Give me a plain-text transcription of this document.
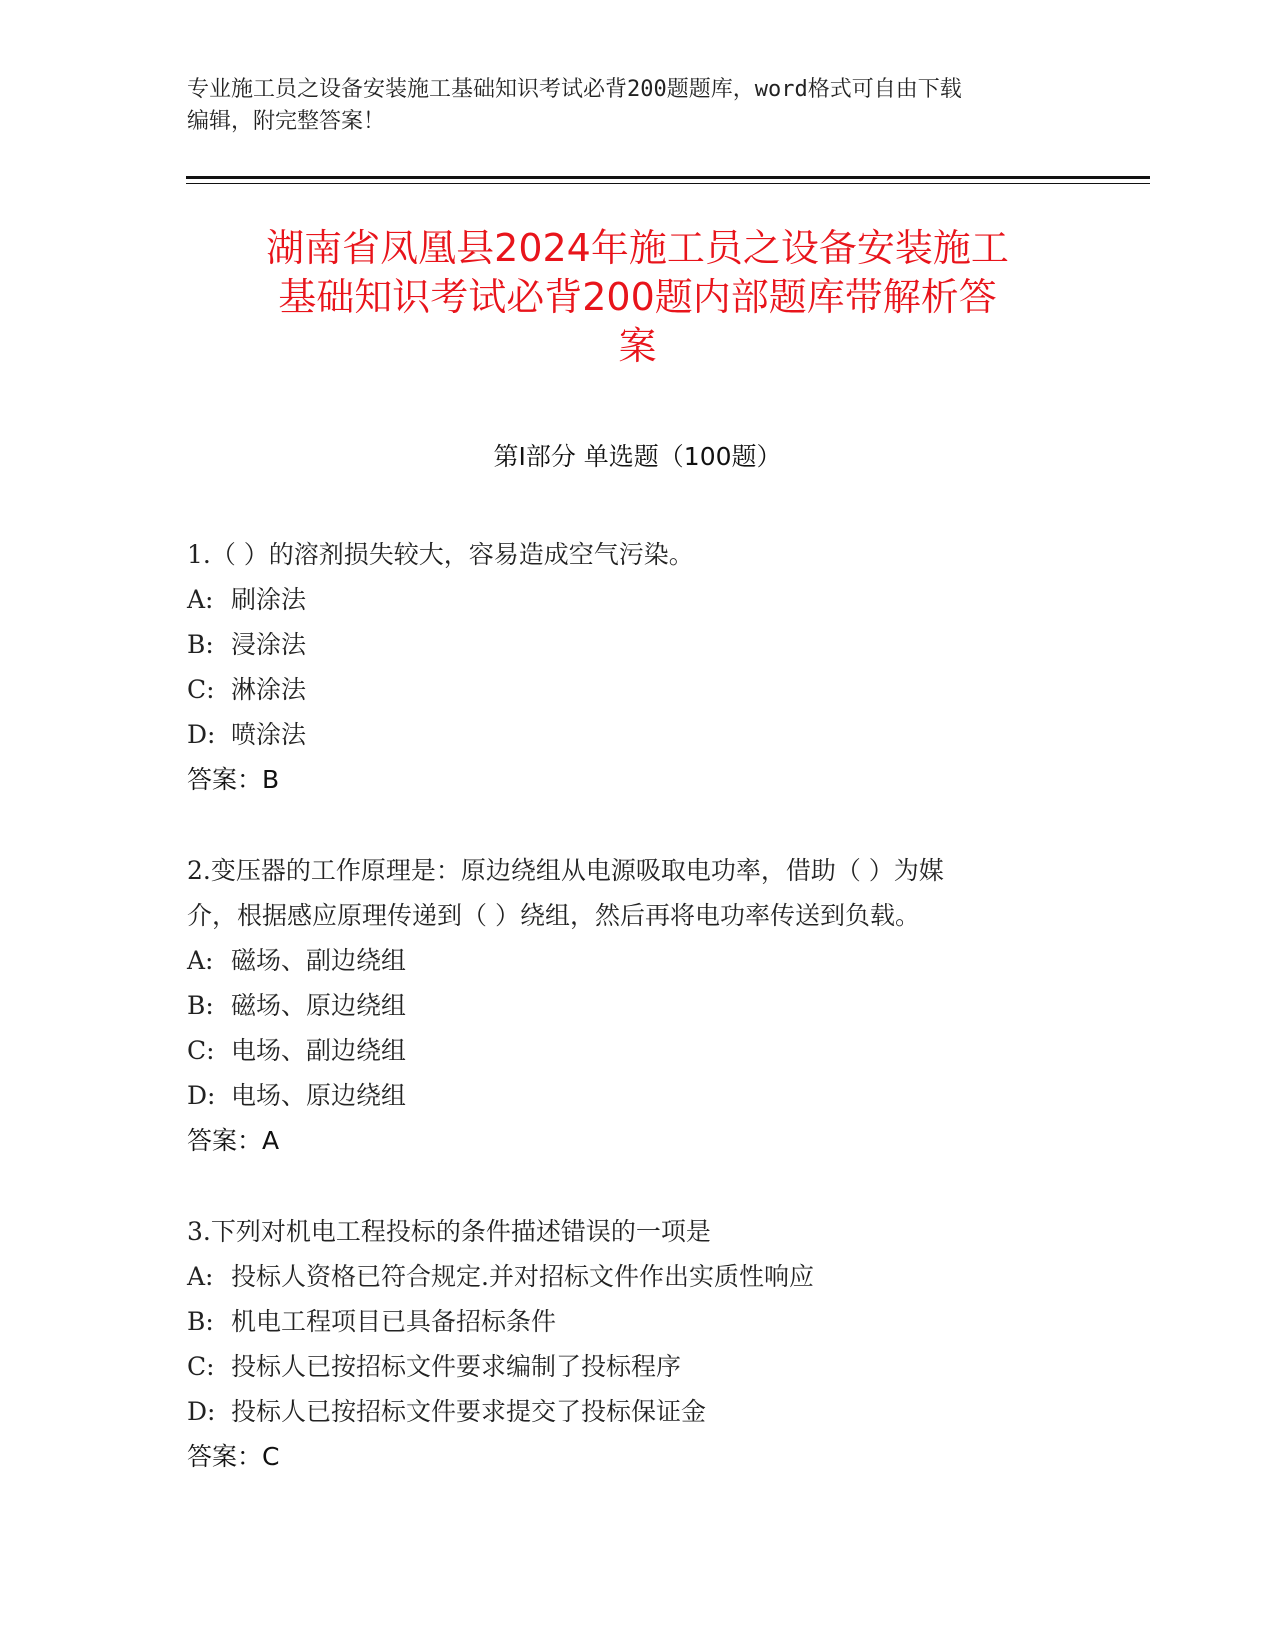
专业施工员之设备安装施工基础知识考试必背200题题库，word格式可自由下载
编辑，附完整答案！
湖南省凤凰县2024年施工员之设备安装施工
基础知识考试必背200题内部题库带解析答
案
第Ⅰ部分 单选题（100题）
1.（ ）的溶剂损失较大，容易造成空气污染。
A: 刷涂法
B: 浸涂法
C: 淋涂法
D: 喷涂法
答案：B
2.变压器的工作原理是：原边绕组从电源吸取电功率，借助（ ）为媒
介，根据感应原理传递到（ ）绕组，然后再将电功率传送到负载。
A: 磁场、副边绕组
B: 磁场、原边绕组
C: 电场、副边绕组
D: 电场、原边绕组
答案：A
3.下列对机电工程投标的条件描述错误的一项是
A: 投标人资格已符合规定.并对招标文件作出实质性响应
B: 机电工程项目已具备招标条件
C: 投标人已按招标文件要求编制了投标程序
D: 投标人已按招标文件要求提交了投标保证金
答案：C
